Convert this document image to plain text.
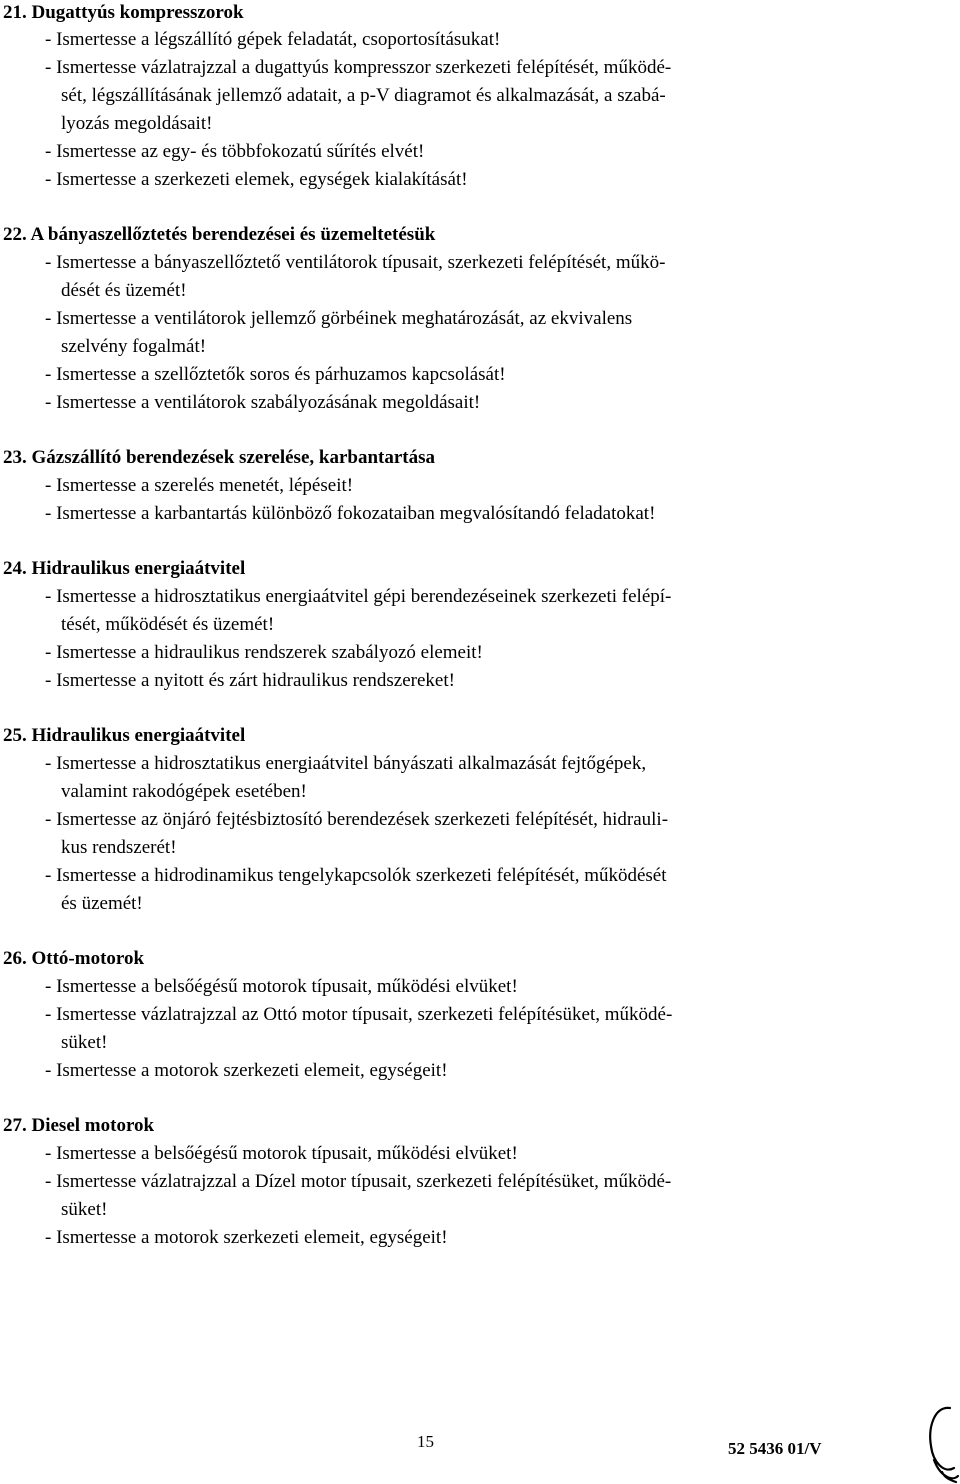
21. Dugattyús kompresszorok
- Ismertesse a légszállító gépek feladatát, csoportosításukat!
- Ismertesse vázlatrajzzal a dugattyús kompresszor szerkezeti felépítését, működé-
sét, légszállításának jellemző adatait, a p-V diagramot és alkalmazását, a szabá-
lyozás megoldásait!
- Ismertesse az egy- és többfokozatú sűrítés elvét!
- Ismertesse a szerkezeti elemek, egységek kialakítását!
22. A bányaszellőztetés berendezései és üzemeltetésük
- Ismertesse a bányaszellőztető ventilátorok típusait, szerkezeti felépítését, műkö-
dését és üzemét!
- Ismertesse a ventilátorok jellemző görbéinek meghatározását, az ekvivalens
szelvény fogalmát!
- Ismertesse a szellőztetők soros és párhuzamos kapcsolását!
- Ismertesse a ventilátorok szabályozásának megoldásait!
23. Gázszállító berendezések szerelése, karbantartása
- Ismertesse a szerelés menetét, lépéseit!
- Ismertesse a karbantartás különböző fokozataiban megvalósítandó feladatokat!
24. Hidraulikus energiaátvitel
- Ismertesse a hidrosztatikus energiaátvitel gépi berendezéseinek szerkezeti felépí-
tését, működését és üzemét!
- Ismertesse a hidraulikus rendszerek szabályozó elemeit!
- Ismertesse a nyitott és zárt hidraulikus rendszereket!
25. Hidraulikus energiaátvitel
- Ismertesse a hidrosztatikus energiaátvitel bányászati alkalmazását fejtőgépek,
valamint rakodógépek esetében!
- Ismertesse az önjáró fejtésbiztosító berendezések szerkezeti felépítését, hidrauli-
kus rendszerét!
- Ismertesse a hidrodinamikus tengelykapcsolók szerkezeti felépítését, működését
és üzemét!
26. Ottó-motorok
- Ismertesse a belsőégésű motorok típusait, működési elvüket!
- Ismertesse vázlatrajzzal az Ottó motor típusait, szerkezeti felépítésüket, működé-
süket!
- Ismertesse a motorok szerkezeti elemeit, egységeit!
27. Diesel motorok
- Ismertesse a belsőégésű motorok típusait, működési elvüket!
- Ismertesse vázlatrajzzal a Dízel motor típusait, szerkezeti felépítésüket, működé-
süket!
- Ismertesse a motorok szerkezeti elemeit, egységeit!
15	52 5436 01/V
